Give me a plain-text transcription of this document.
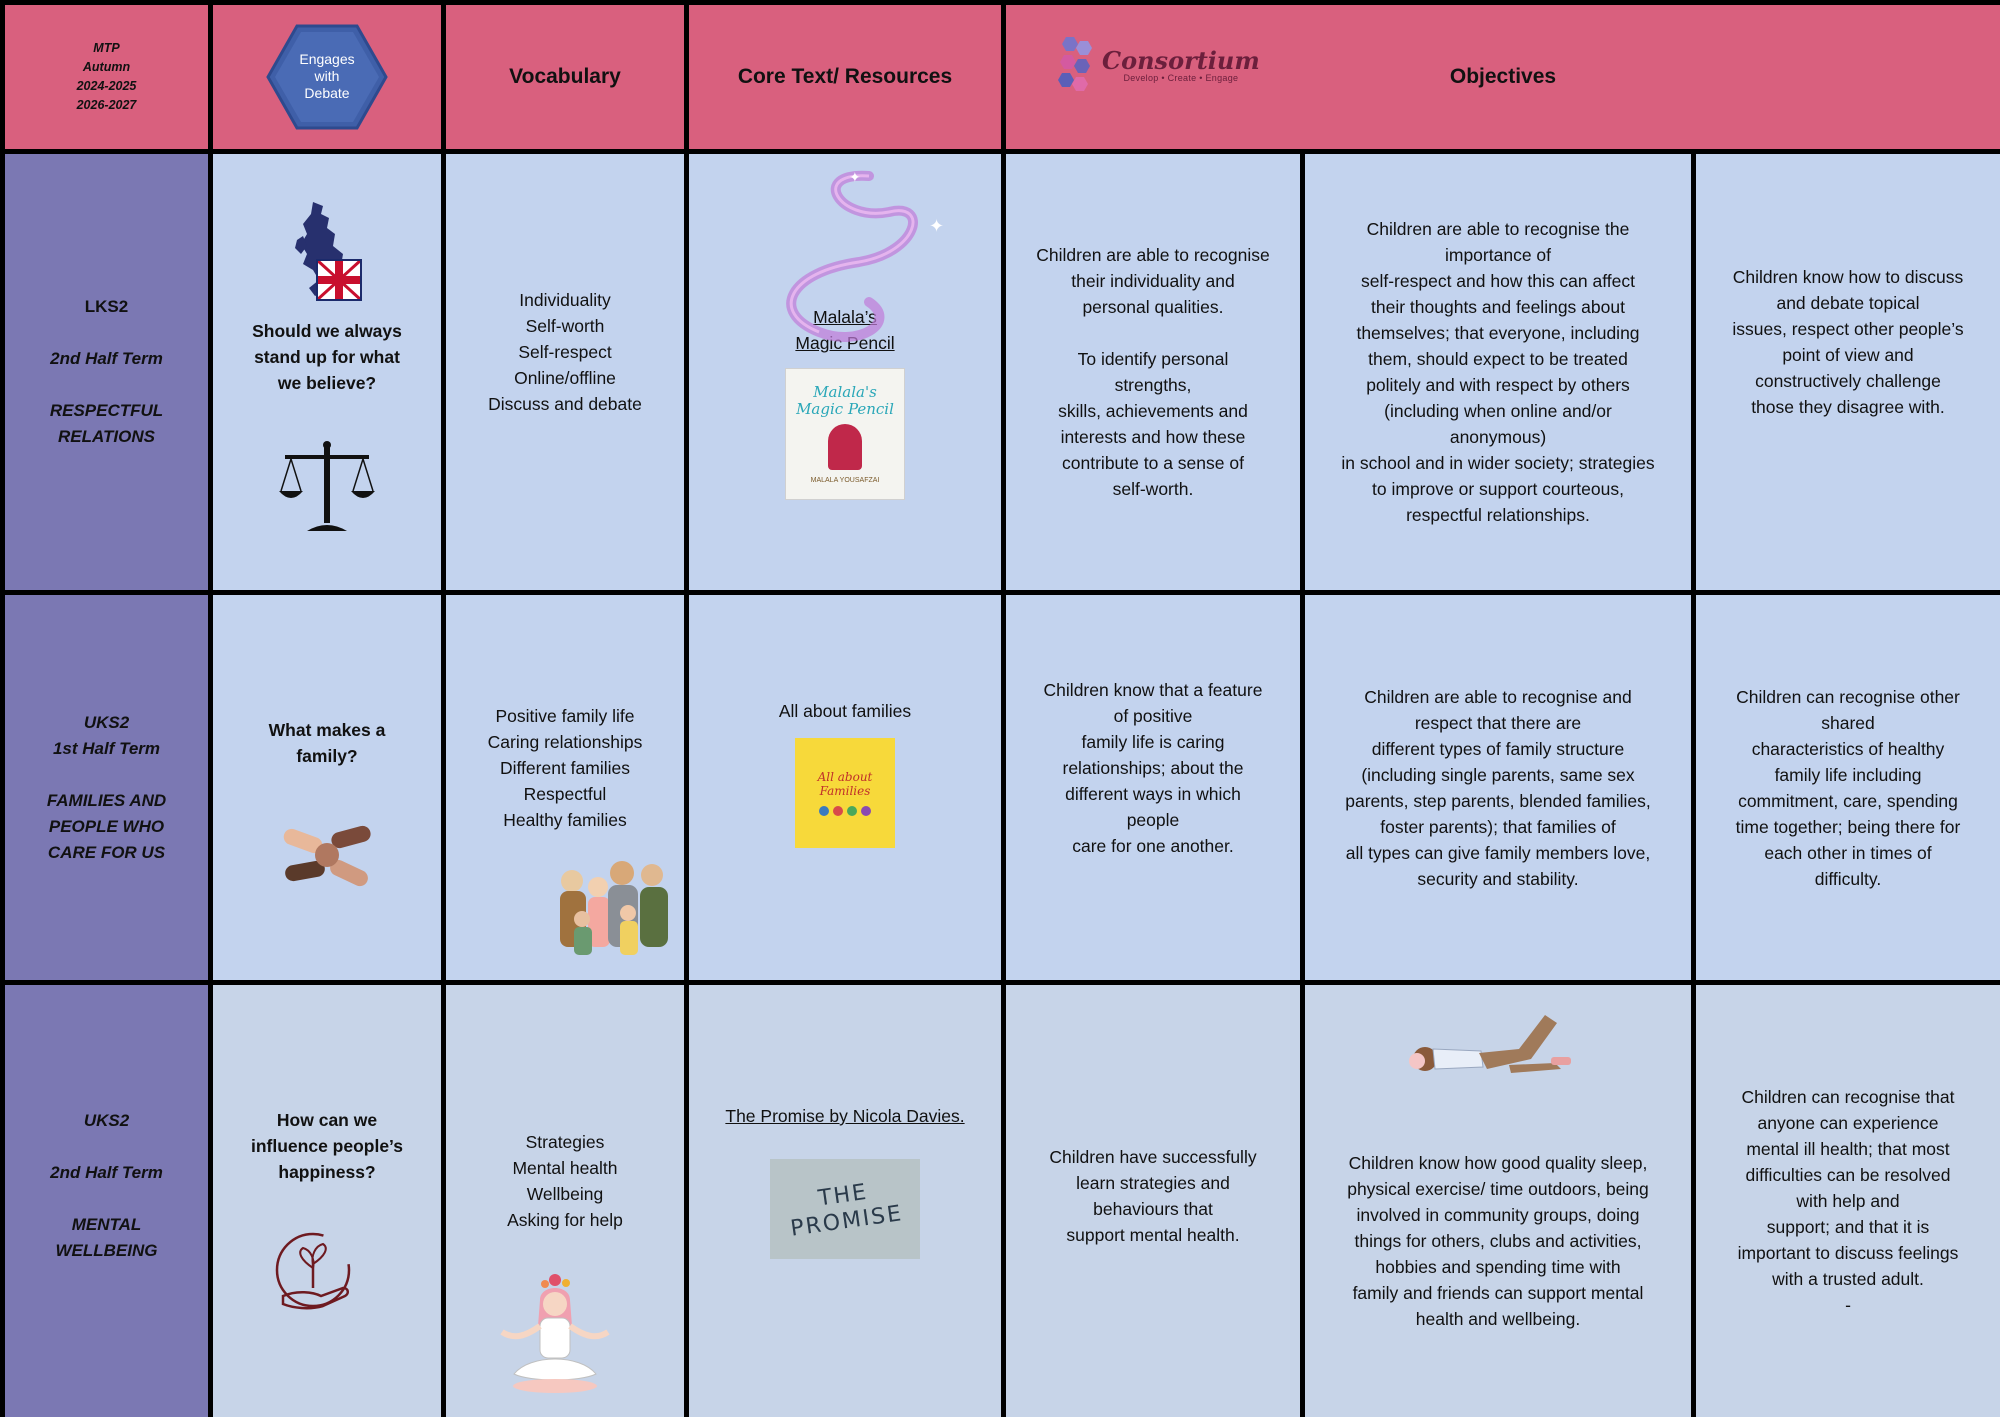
MTP
Autumn
2024-2025
2026-2027
Engages
with
Debate
Vocabulary	Core Text/ Resources
Consortium
Develop • Create • Engage	Objectives
LKS2
2nd Half Term
RESPECTFUL
RELATIONS
Should we always
stand up for what
we believe?
Individuality
Self-worth
Self-respect
Online/offline
Discuss and debate
✦
✦
Malala’s
Magic Pencil
Malala's Magic Pencil
MALALA YOUSAFZAI
Children are able to recognise
their individuality and
personal qualities.

To identify personal
strengths,
skills, achievements and
interests and how these
contribute to a sense of
self-worth.
Children are able to recognise the
importance of
self-respect and how this can affect
their thoughts and feelings about
themselves; that everyone, including
them, should expect to be treated
politely and with respect by others
(including when online and/or
anonymous)
in school and in wider society; strategies
to improve or support courteous,
respectful relationships.
Children know how to discuss
and debate topical
issues, respect other people’s
point of view and
constructively challenge
those they disagree with.
UKS2
1st Half Term
FAMILIES AND
PEOPLE WHO
CARE FOR US
What makes a
family?
Positive family life
Caring relationships
Different families
Respectful
Healthy families
All about families
All about Families
Children know that a feature
of positive
family life is caring
relationships; about the
different ways in which
people
care for one another.
Children are able to recognise and
respect that there are
different types of family structure
(including single parents, same sex
parents, step parents, blended families,
foster parents); that families of
all types can give family members love,
security and stability.
Children can recognise other
shared
characteristics of healthy
family life including
commitment, care, spending
time together; being there for
each other in times of
difficulty.
UKS2
2nd Half Term
MENTAL
WELLBEING
How can we
influence people’s
happiness?
Strategies
Mental health
Wellbeing
Asking for help
The Promise by Nicola Davies.
THE PROMISE
Children have successfully
learn strategies and
behaviours that
support mental health.
Children know how good quality sleep,
physical exercise/ time outdoors, being
involved in community groups, doing
things for others, clubs and activities,
hobbies and spending time with
family and friends can support mental
health and wellbeing.
Children can recognise that
anyone can experience
mental ill health; that most
difficulties can be resolved
with help and
support; and that it is
important to discuss feelings
with a trusted adult.
-
